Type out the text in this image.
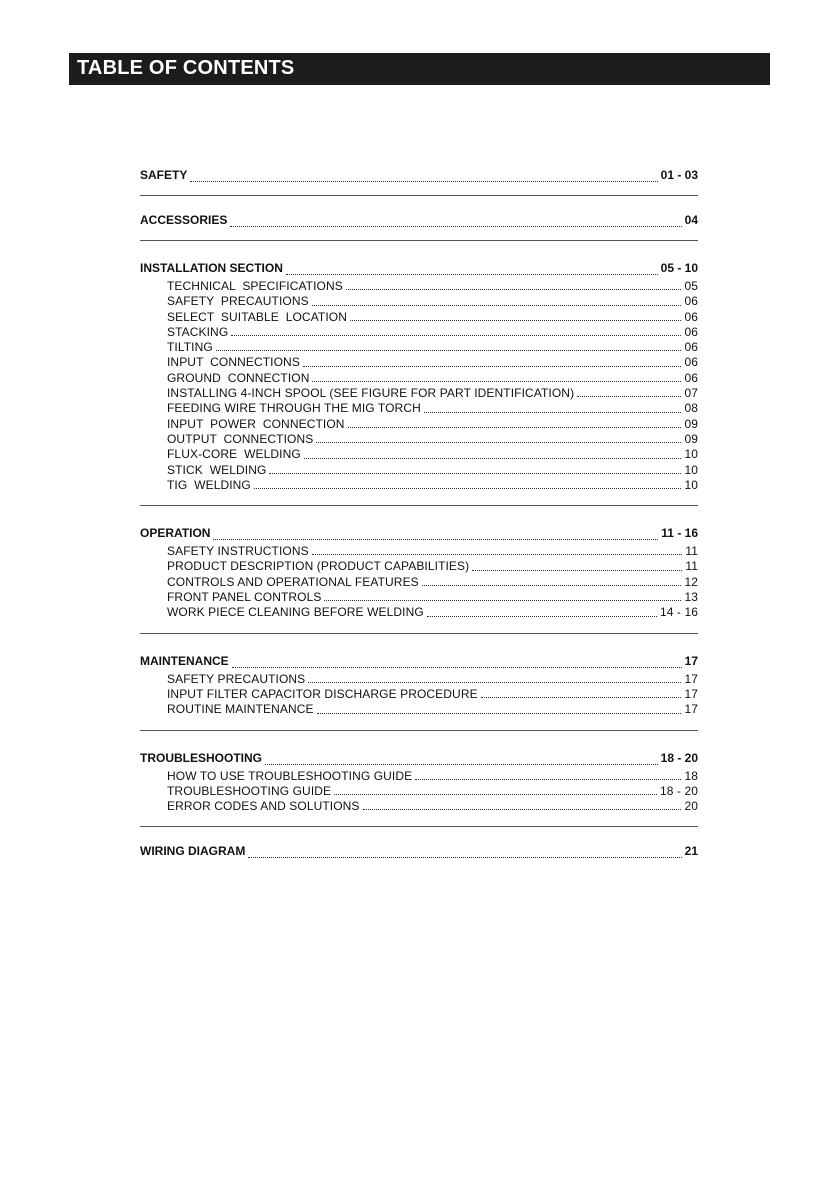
TABLE OF CONTENTS
SAFETY	01 - 03
ACCESSORIES	04
INSTALLATION SECTION	05 - 10
TECHNICAL  SPECIFICATIONS	05
SAFETY  PRECAUTIONS	06
SELECT  SUITABLE  LOCATION	06
STACKING	06
TILTING	06
INPUT  CONNECTIONS	06
GROUND  CONNECTION	06
INSTALLING 4-INCH SPOOL (SEE FIGURE FOR PART IDENTIFICATION)	07
FEEDING WIRE THROUGH THE MIG TORCH	08
INPUT  POWER  CONNECTION	09
OUTPUT  CONNECTIONS	09
FLUX-CORE  WELDING	10
STICK  WELDING	10
TIG  WELDING	10
OPERATION	11 - 16
SAFETY INSTRUCTIONS	11
PRODUCT DESCRIPTION (PRODUCT CAPABILITIES)	11
CONTROLS AND OPERATIONAL FEATURES	12
FRONT PANEL CONTROLS	13
WORK PIECE CLEANING BEFORE WELDING	14 - 16
MAINTENANCE	17
SAFETY PRECAUTIONS	17
INPUT FILTER CAPACITOR DISCHARGE PROCEDURE	17
ROUTINE MAINTENANCE	17
TROUBLESHOOTING	18 - 20
HOW TO USE TROUBLESHOOTING GUIDE	18
TROUBLESHOOTING GUIDE	18 - 20
ERROR CODES AND SOLUTIONS	20
WIRING DIAGRAM	21
